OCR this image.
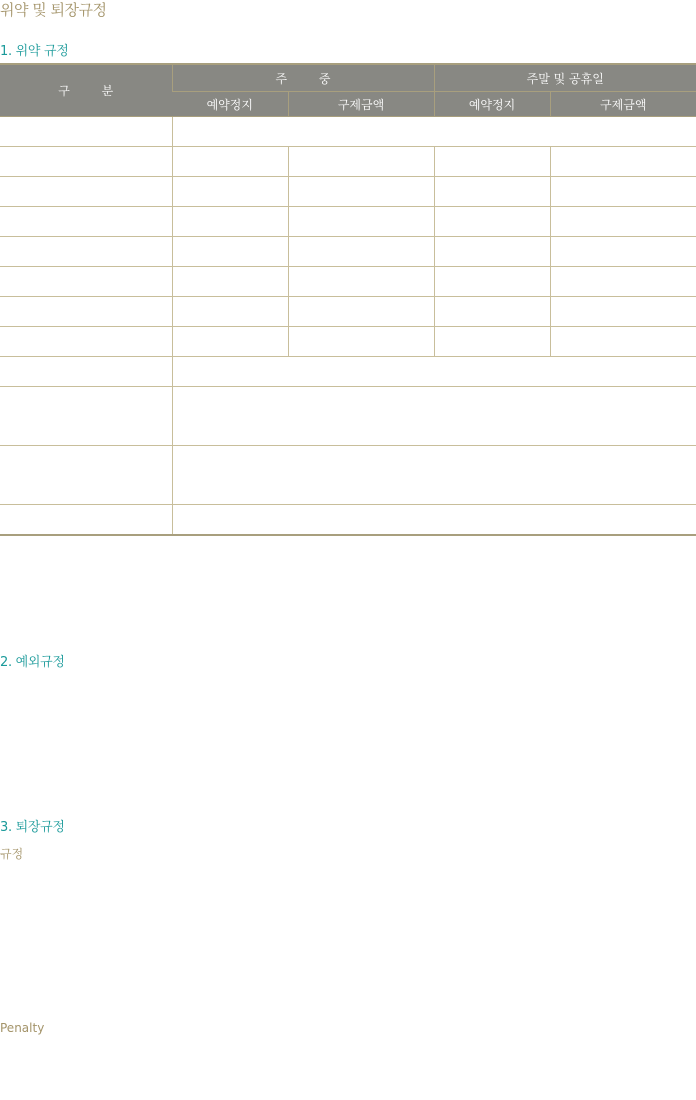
위약 및 퇴장규정
1. 위약 규정
구 분	주 중		주말 및 공휴일	
	예약정지	구제금액	예약정지	구제금액

2. 예외규정
3. 퇴장규정
규정
Penalty
